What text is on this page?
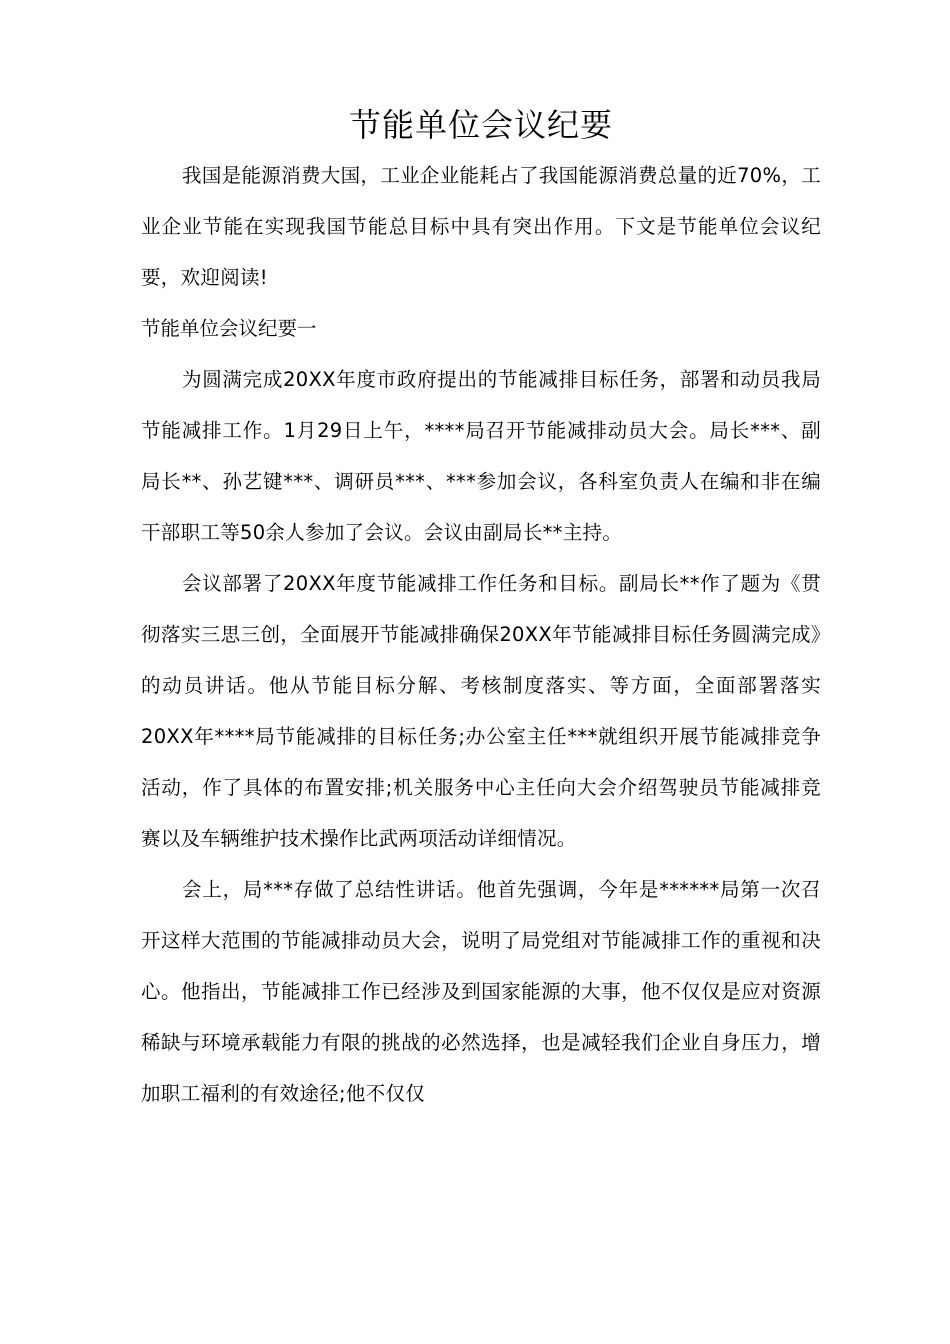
节能单位会议纪要

我国是能源消费大国，工业企业能耗占了我国能源消费总量的近70%，工业企业节能在实现我国节能总目标中具有突出作用。下文是节能单位会议纪要，欢迎阅读!

节能单位会议纪要一

为圆满完成20XX年度市政府提出的节能减排目标任务，部署和动员我局节能减排工作。1月29日上午，****局召开节能减排动员大会。局长***、副局长**、孙艺键***、调研员***、***参加会议，各科室负责人在编和非在编干部职工等50余人参加了会议。会议由副局长**主持。

会议部署了20XX年度节能减排工作任务和目标。副局长**作了题为《贯彻落实三思三创，全面展开节能减排确保20XX年节能减排目标任务圆满完成》的动员讲话。他从节能目标分解、考核制度落实、等方面，全面部署落实20XX年****局节能减排的目标任务;办公室主任***就组织开展节能减排竞争活动，作了具体的布置安排;机关服务中心主任向大会介绍驾驶员节能减排竞赛以及车辆维护技术操作比武两项活动详细情况。

会上，局***存做了总结性讲话。他首先强调，今年是******局第一次召开这样大范围的节能减排动员大会，说明了局党组对节能减排工作的重视和决心。他指出，节能减排工作已经涉及到国家能源的大事，他不仅仅是应对资源稀缺与环境承载能力有限的挑战的必然选择，也是减轻我们企业自身压力，增加职工福利的有效途径;他不仅仅
